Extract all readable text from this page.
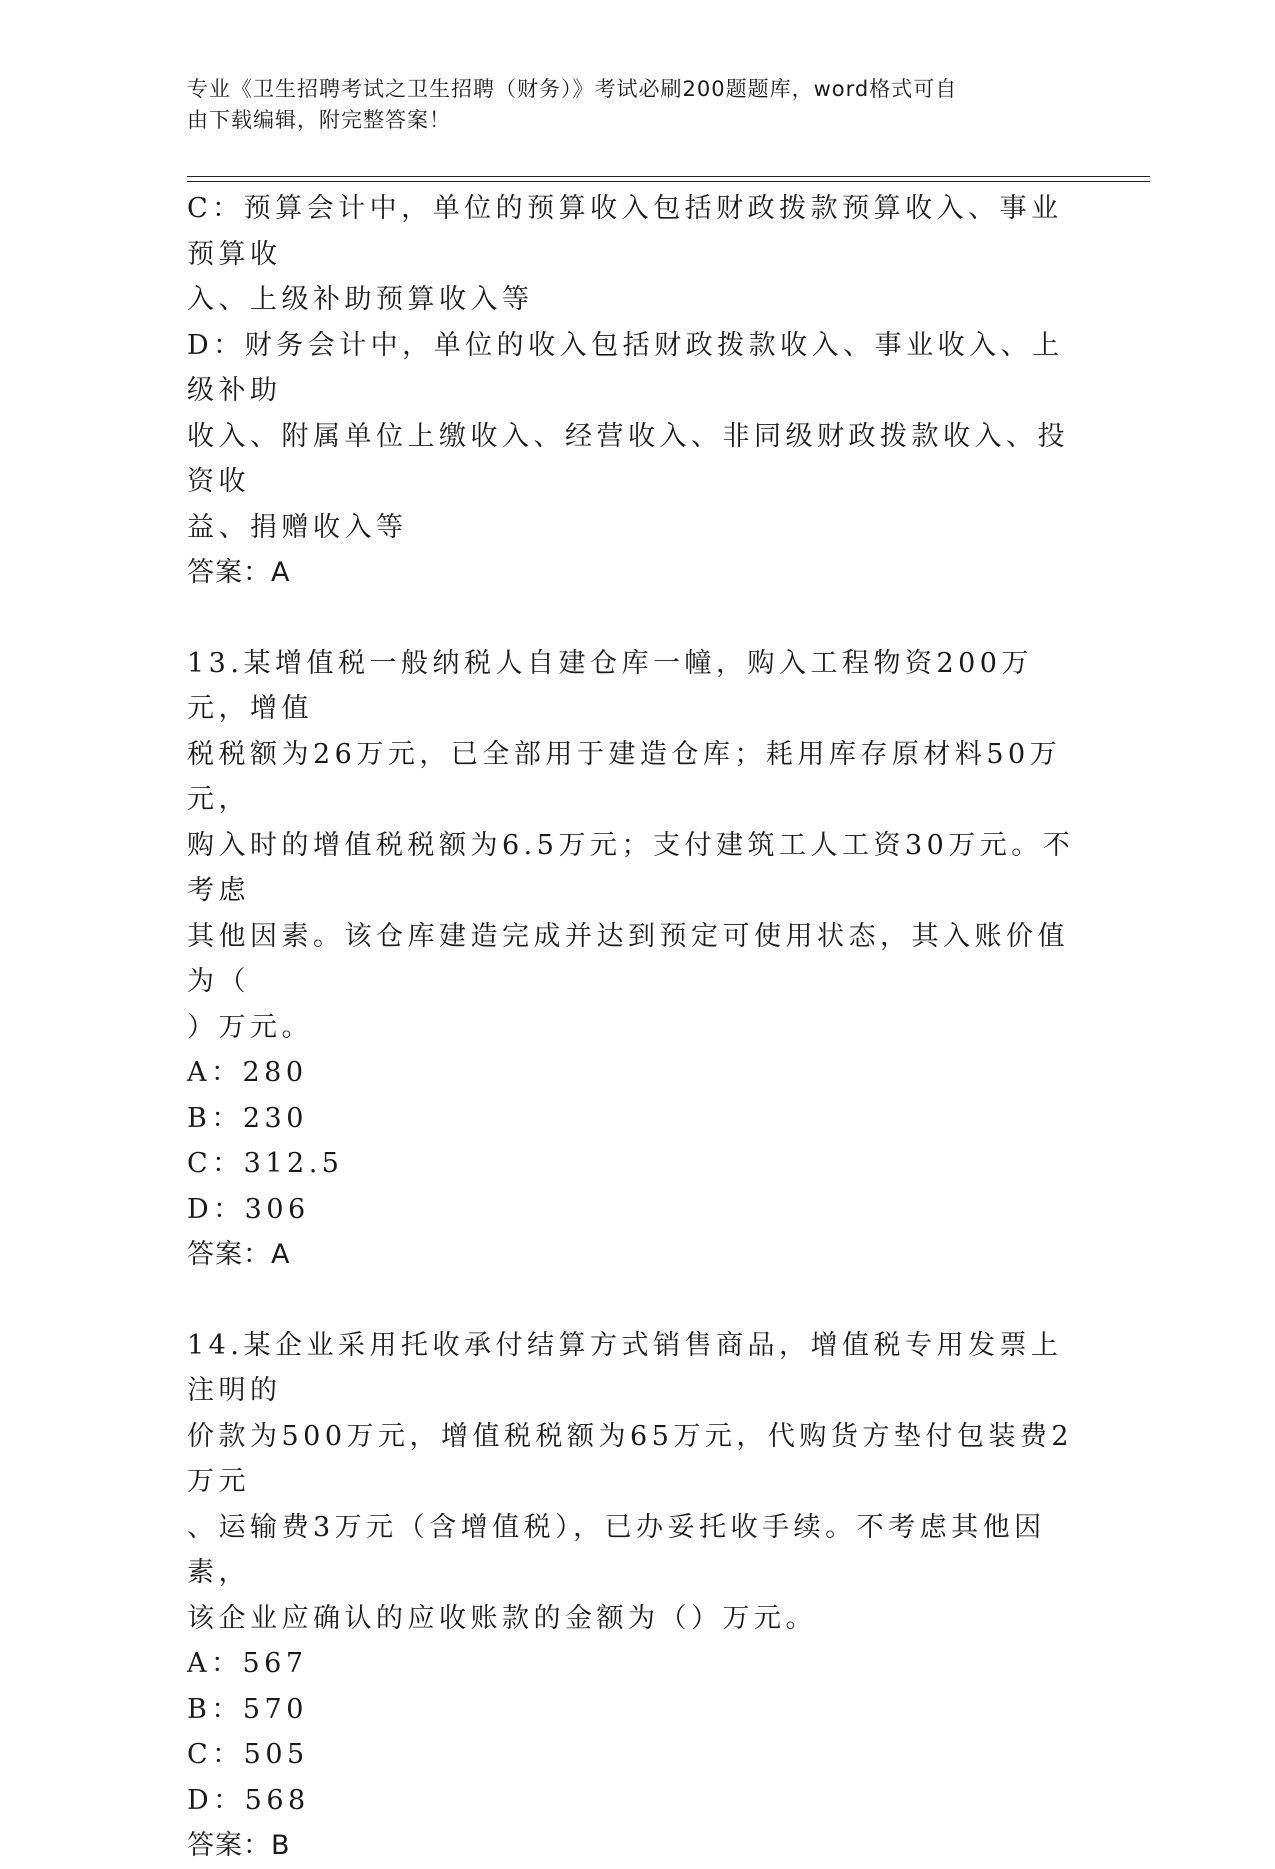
专业《卫生招聘考试之卫生招聘（财务）》考试必刷200题题库，word格式可自
由下载编辑，附完整答案！

C：预算会计中，单位的预算收入包括财政拨款预算收入、事业预算收

入、上级补助预算收入等

D：财务会计中，单位的收入包括财政拨款收入、事业收入、上级补助

收入、附属单位上缴收入、经营收入、非同级财政拨款收入、投资收

益、捐赠收入等

答案：A

13.某增值税一般纳税人自建仓库一幢，购入工程物资200万元，增值

税税额为26万元，已全部用于建造仓库；耗用库存原材料50万元，

购入时的增值税税额为6.5万元；支付建筑工人工资30万元。不考虑

其他因素。该仓库建造完成并达到预定可使用状态，其入账价值为（

）万元。

A：280

B：230

C：312.5

D：306

答案：A

14.某企业采用托收承付结算方式销售商品，增值税专用发票上注明的

价款为500万元，增值税税额为65万元，代购货方垫付包装费2万元

、运输费3万元（含增值税），已办妥托收手续。不考虑其他因素，

该企业应确认的应收账款的金额为（）万元。

A：567

B：570

C：505

D：568

答案：B
